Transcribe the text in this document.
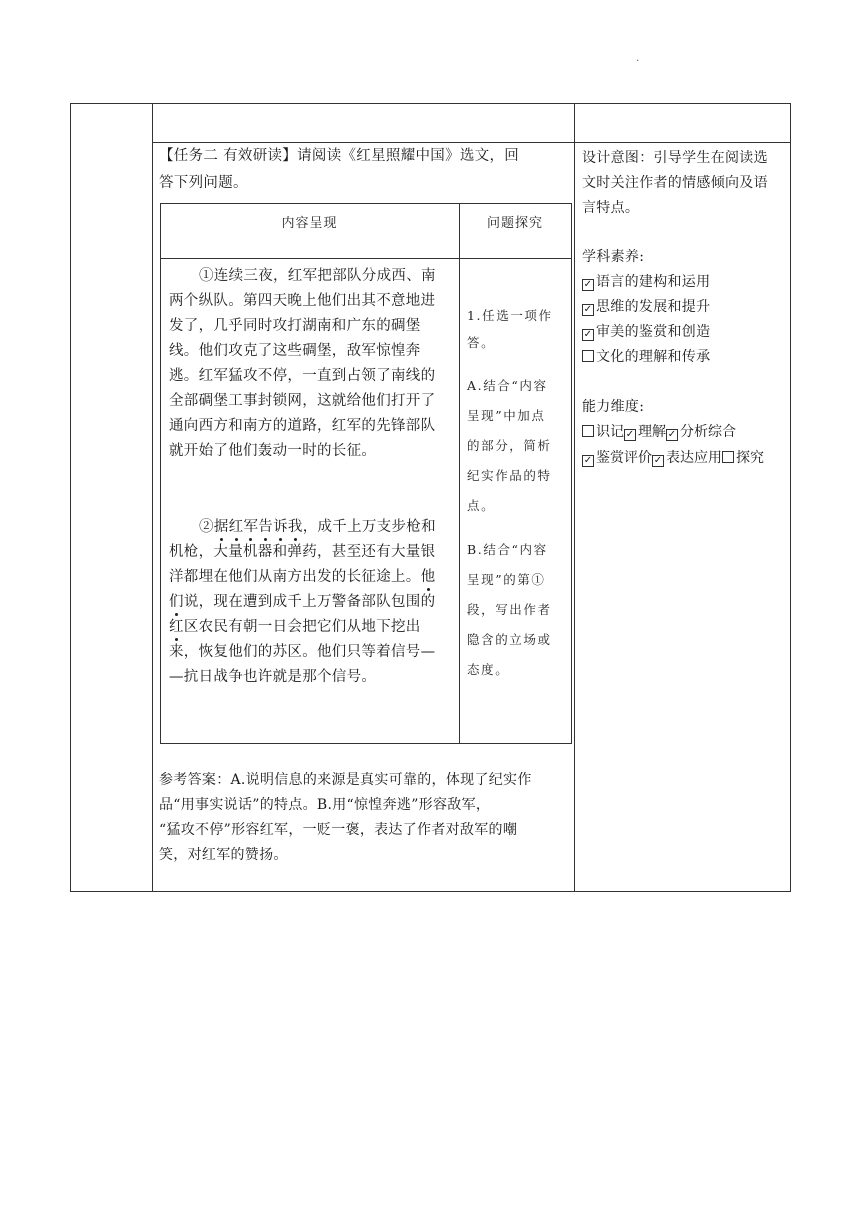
·
【任务二 有效研读】请阅读《红星照耀中国》选文，回
答下列问题。
内容呈现	问题探究
①连续三夜，红军把部队分成西、南
两个纵队。第四天晚上他们出其不意地进
发了，几乎同时攻打湖南和广东的碉堡
线。他们攻克了这些碉堡，敌军惊惶奔
逃。红军猛攻不停，一直到占领了南线的
全部碉堡工事封锁网，这就给他们打开了
通向西方和南方的道路，红军的先锋部队
就开始了他们轰动一时的长征。
②据红军告诉我，成千上万支步枪和
机枪，大量机器和弹药，甚至还有大量银
洋都埋在他们从南方出发的长征途上。他
们说，现在遭到成千上万警备部队包围的
红区农民有朝一日会把它们从地下挖出
来，恢复他们的苏区。他们只等着信号—
—抗日战争也许就是那个信号。
1.任选一项作
答。
A.结合“内容
呈现”中加点
的部分，简析
纪实作品的特
点。
B.结合“内容
呈现”的第①
段，写出作者
隐含的立场或
态度。
参考答案：A.说明信息的来源是真实可靠的，体现了纪实作
品“用事实说话”的特点。B.用“惊惶奔逃”形容敌军，
“猛攻不停”形容红军，一贬一褒，表达了作者对敌军的嘲
笑，对红军的赞扬。
设计意图：引导学生在阅读选
文时关注作者的情感倾向及语
言特点。
学科素养:
✓ 语言的建构和运用
✓ 思维的发展和提升
✓ 审美的鉴赏和创造
文化的理解和传承
能力维度:
识记 ✓ 理解 ✓ 分析综合
✓ 鉴赏评价 ✓ 表达应用 探究
